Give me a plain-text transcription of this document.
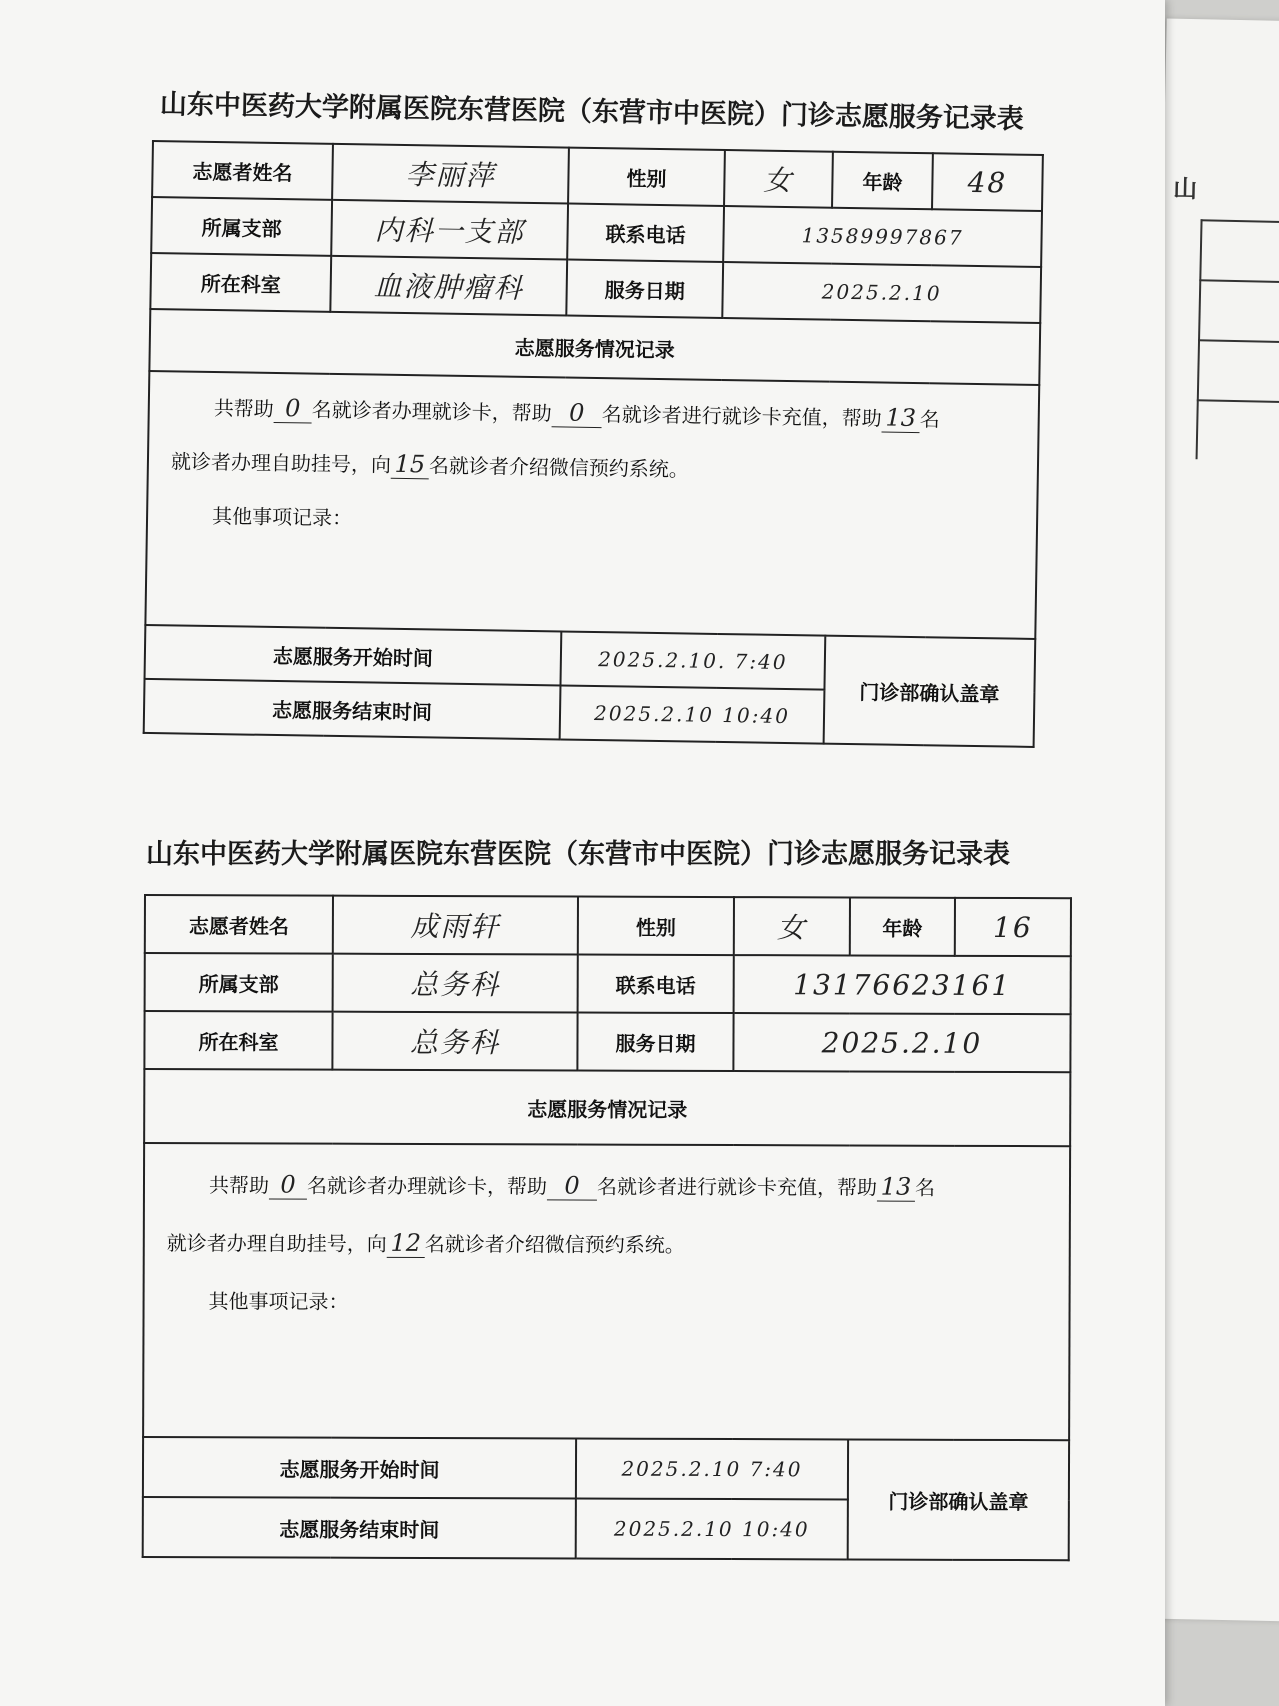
山
山东中医药大学附属医院东营医院（东营市中医院）门诊志愿服务记录表
志愿者姓名	李丽萍	性别	女	年龄	48
所属支部	内科一支部	联系电话	13589997867		
所在科室	血液肿瘤科	服务日期	2025.2.10		
志愿服务情况记录					

共帮助 0 名就诊者办理就诊卡，帮助 0 名就诊者进行就诊卡充值，帮助 13 名
就诊者办理自助挂号，向 15 名就诊者介绍微信预约系统。
其他事项记录：					

志愿服务开始时间		2025.2.10. 7:40		门诊部确认盖章	
志愿服务结束时间		2025.2.10 10:40			
山东中医药大学附属医院东营医院（东营市中医院）门诊志愿服务记录表
志愿者姓名	成雨轩	性别	女	年龄	16
所属支部	总务科	联系电话	13176623161		
所在科室	总务科	服务日期	2025.2.10		
志愿服务情况记录					

共帮助 0 名就诊者办理就诊卡，帮助 0 名就诊者进行就诊卡充值，帮助 13 名
就诊者办理自助挂号，向 12 名就诊者介绍微信预约系统。
其他事项记录：					

志愿服务开始时间		2025.2.10 7:40		门诊部确认盖章	
志愿服务结束时间		2025.2.10 10:40			
